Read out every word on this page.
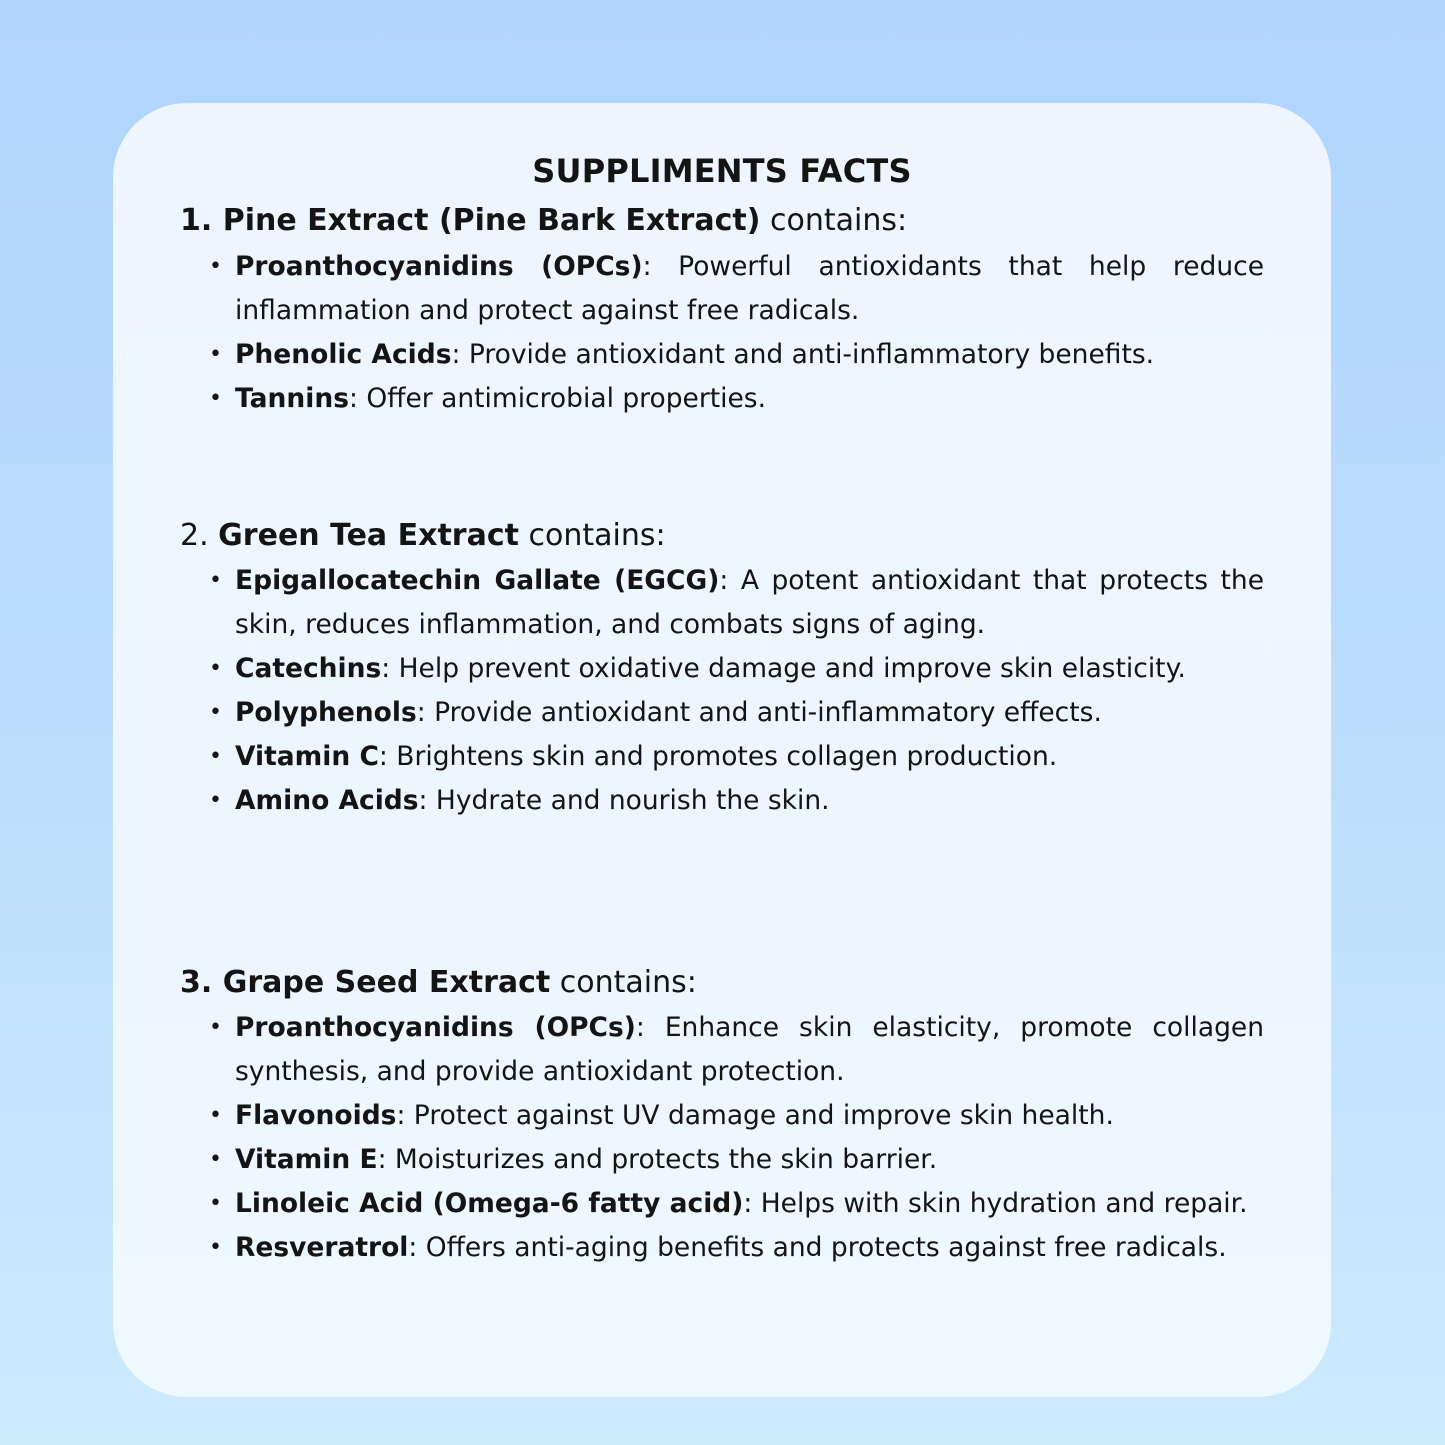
SUPPLIMENTS FACTS
1. Pine Extract (Pine Bark Extract) contains:
• Proanthocyanidins (OPCs): Powerful antioxidants that help reduce inflammation and protect against free radicals.
• Phenolic Acids: Provide antioxidant and anti-inflammatory benefits.
• Tannins: Offer antimicrobial properties.
2. Green Tea Extract contains:
• Epigallocatechin Gallate (EGCG): A potent antioxidant that protects the skin, reduces inflammation, and combats signs of aging.
• Catechins: Help prevent oxidative damage and improve skin elasticity.
• Polyphenols: Provide antioxidant and anti-inflammatory effects.
• Vitamin C: Brightens skin and promotes collagen production.
• Amino Acids: Hydrate and nourish the skin.
3. Grape Seed Extract contains:
• Proanthocyanidins (OPCs): Enhance skin elasticity, promote collagen synthesis, and provide antioxidant protection.
• Flavonoids: Protect against UV damage and improve skin health.
• Vitamin E: Moisturizes and protects the skin barrier.
• Linoleic Acid (Omega-6 fatty acid): Helps with skin hydration and repair.
• Resveratrol: Offers anti-aging benefits and protects against free radicals.
